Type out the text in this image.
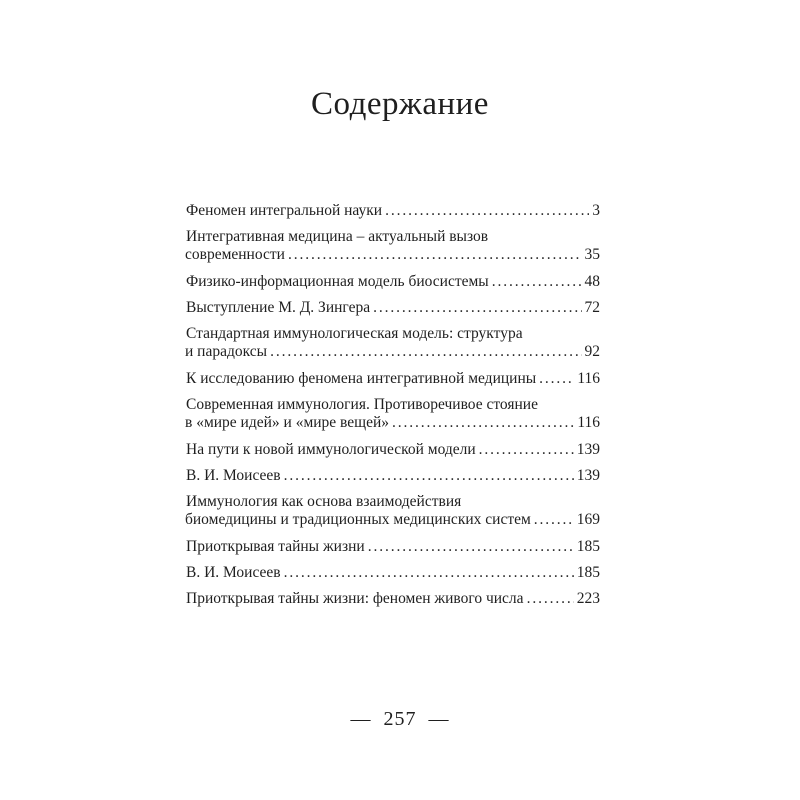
Содержание
Феномен интегральной науки . . .	3
Интегративная медицина – актуальный вызов
современности . . .	35
Физико-информационная модель биосистемы . . .	48
Выступление М. Д. Зингера . . .	72
Стандартная иммунологическая модель: структура
и парадоксы . . .	92
К исследованию феномена интегративной медицины . . .	116
Современная иммунология. Противоречивое стояние
в «мире идей» и «мире вещей» . . .	116
На пути к новой иммунологической модели . . .	139
В. И. Моисеев . . .	139
Иммунология как основа взаимодействия
биомедицины и традиционных медицинских систем . . .	169
Приоткрывая тайны жизни . . .	185
В. И. Моисеев . . .	185
Приоткрывая тайны жизни: феномен живого числа . . .	223
— 257 —
